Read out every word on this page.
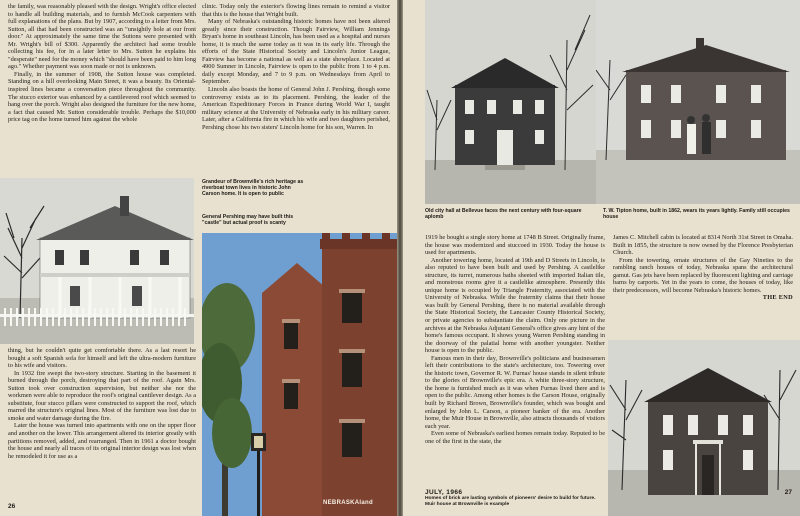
the family, was reasonably pleased with the design. Wright's office elected to handle all building materials, and to furnish McCook carpenters with full explanations of the plans. But by 1907, according to a letter from Mrs. Sutton, all that had been constructed was an "unsightly hole at our front door." At approximately the same time the Suttons were presented with Mr. Wright's bill of $300. Apparently the architect had some trouble collecting his fee, for in a later letter to Mrs. Sutton he explains his "desperate" need for the money which "should have been paid to him long ago." Whether payment was soon made or not is unknown.

Finally, in the summer of 1908, the Sutton house was completed. Standing on a hill overlooking Main Street, it was a beauty. Its Oriental-inspired lines became a conversation piece throughout the community. The stucco exterior was enhanced by a cantilevered roof which seemed to hang over the porch. Wright also designed the furniture for the new home, a fact that caused Mr. Sutton considerable trouble. Perhaps the $10,000 price tag on the home turned him against the whole

clinic. Today only the exterior's flowing lines remain to remind a visitor that this is the house that Wright built.

Many of Nebraska's outstanding historic homes have not been altered greatly since their construction. Though Fairview, William Jennings Bryan's home in southeast Lincoln, has been used as a hospital and nurses home, it is much the same today as it was in its early life. Through the efforts of the State Historical Society and Lincoln's Junior League, Fairview has become a national as well as a state showplace. Located at 4900 Sumner in Lincoln, Fairview is open to the public from 1 to 4 p.m. daily except Monday, and 7 to 9 p.m. on Wednesdays from April to September.

Lincoln also boasts the home of General John J. Pershing, though some controversy exists as to its placement. Pershing, the leader of the American Expeditionary Forces in France during World War I, taught military science at the University of Nebraska early in his military career. Later, after a California fire in which his wife and two daughters perished, Pershing chose his two sisters' Lincoln home for his son, Warren. In

Grandeur of Brownville's rich heritage as riverboat town lives in historic John Carson home. It is open to public
General Pershing may have built this "castle" but actual proof is scanty
NEBRASKAland

thing, but he couldn't quite get comfortable there. As a last resort he bought a soft Spanish sofa for himself and left the ultra-modern furniture to his wife and visitors.

In 1932 fire swept the two-story structure. Starting in the basement it burned through the porch, destroying that part of the roof. Again Mrs. Sutton took over construction supervision, but neither she nor the workmen were able to reproduce the roof's original cantilever design. As a substitute, four stucco pillars were constructed to support the roof, which marred the structure's original lines. Most of the furniture was lost due to smoke and water damage during the fire.

Later the house was turned into apartments with one on the upper floor and another on the lower. This arrangement altered its interior greatly with partitions removed, added, and rearranged. Then in 1961 a doctor bought the house and nearly all traces of its original interior design was lost when he remodeled it for use as a

26
Old city hall at Bellevue faces the next century with four-square aplomb
T. W. Tipton home, built in 1862, wears its years lightly. Family still occupies house

1919 he bought a single story home at 1748 B Street. Originally frame, the house was modernized and stuccoed in 1930. Today the house is used for apartments.

Another towering home, located at 19th and D Streets in Lincoln, is also reputed to have been built and used by Pershing. A castlelike structure, its turret, numerous baths sheeted with imported Italian tile, and monstrous rooms give it a castlelike atmosphere. Presently this unique home is occupied by Triangle Fraternity, associated with the University of Nebraska. While the fraternity claims that their house was built by General Pershing, there is no material available through the State Historical Society, the Lancaster County Historical Society, or private agencies to substantiate the claim. Only one picture in the archives at the Nebraska Adjutant General's office gives any hint of the home's famous occupant. It shows young Warren Pershing standing in the doorway of the palatial home with another youngster. Neither house is open to the public.

Famous men in their day, Brownville's politicians and businessmen left their contributions to the state's architecture, too. Towering over the historic town, Governor R. W. Furnas' house stands in silent tribute to the glories of Brownville's epic era. A white three-story structure, the home is furnished much as it was when Furnas lived there and is open to the public. Among other homes is the Carson House, originally built by Richard Brown, Brownville's founder, which was bought and enlarged by John L. Carson, a pioneer banker of the era. Another home, the Muir House in Brownville, also attracts thousands of visitors each year.

Even some of Nebraska's earliest homes remain today. Reputed to be one of the first in the state, the

James C. Mitchell cabin is located at 8314 North 31st Street in Omaha. Built in 1855, the structure is now owned by the Florence Presbyterian Church.

From the towering, ornate structures of the Gay Nineties to the rambling ranch houses of today, Nebraska spans the architectural gamut. Gas jets have been replaced by fluorescent lighting and carriage barns by carports. Yet in the years to come, the houses of today, like their predecessors, will become Nebraska's historic homes.

THE END

Homes of brick are lasting symbols of pioneers' desire to build for future. Muir house at Brownville is example
JULY, 1966	27
